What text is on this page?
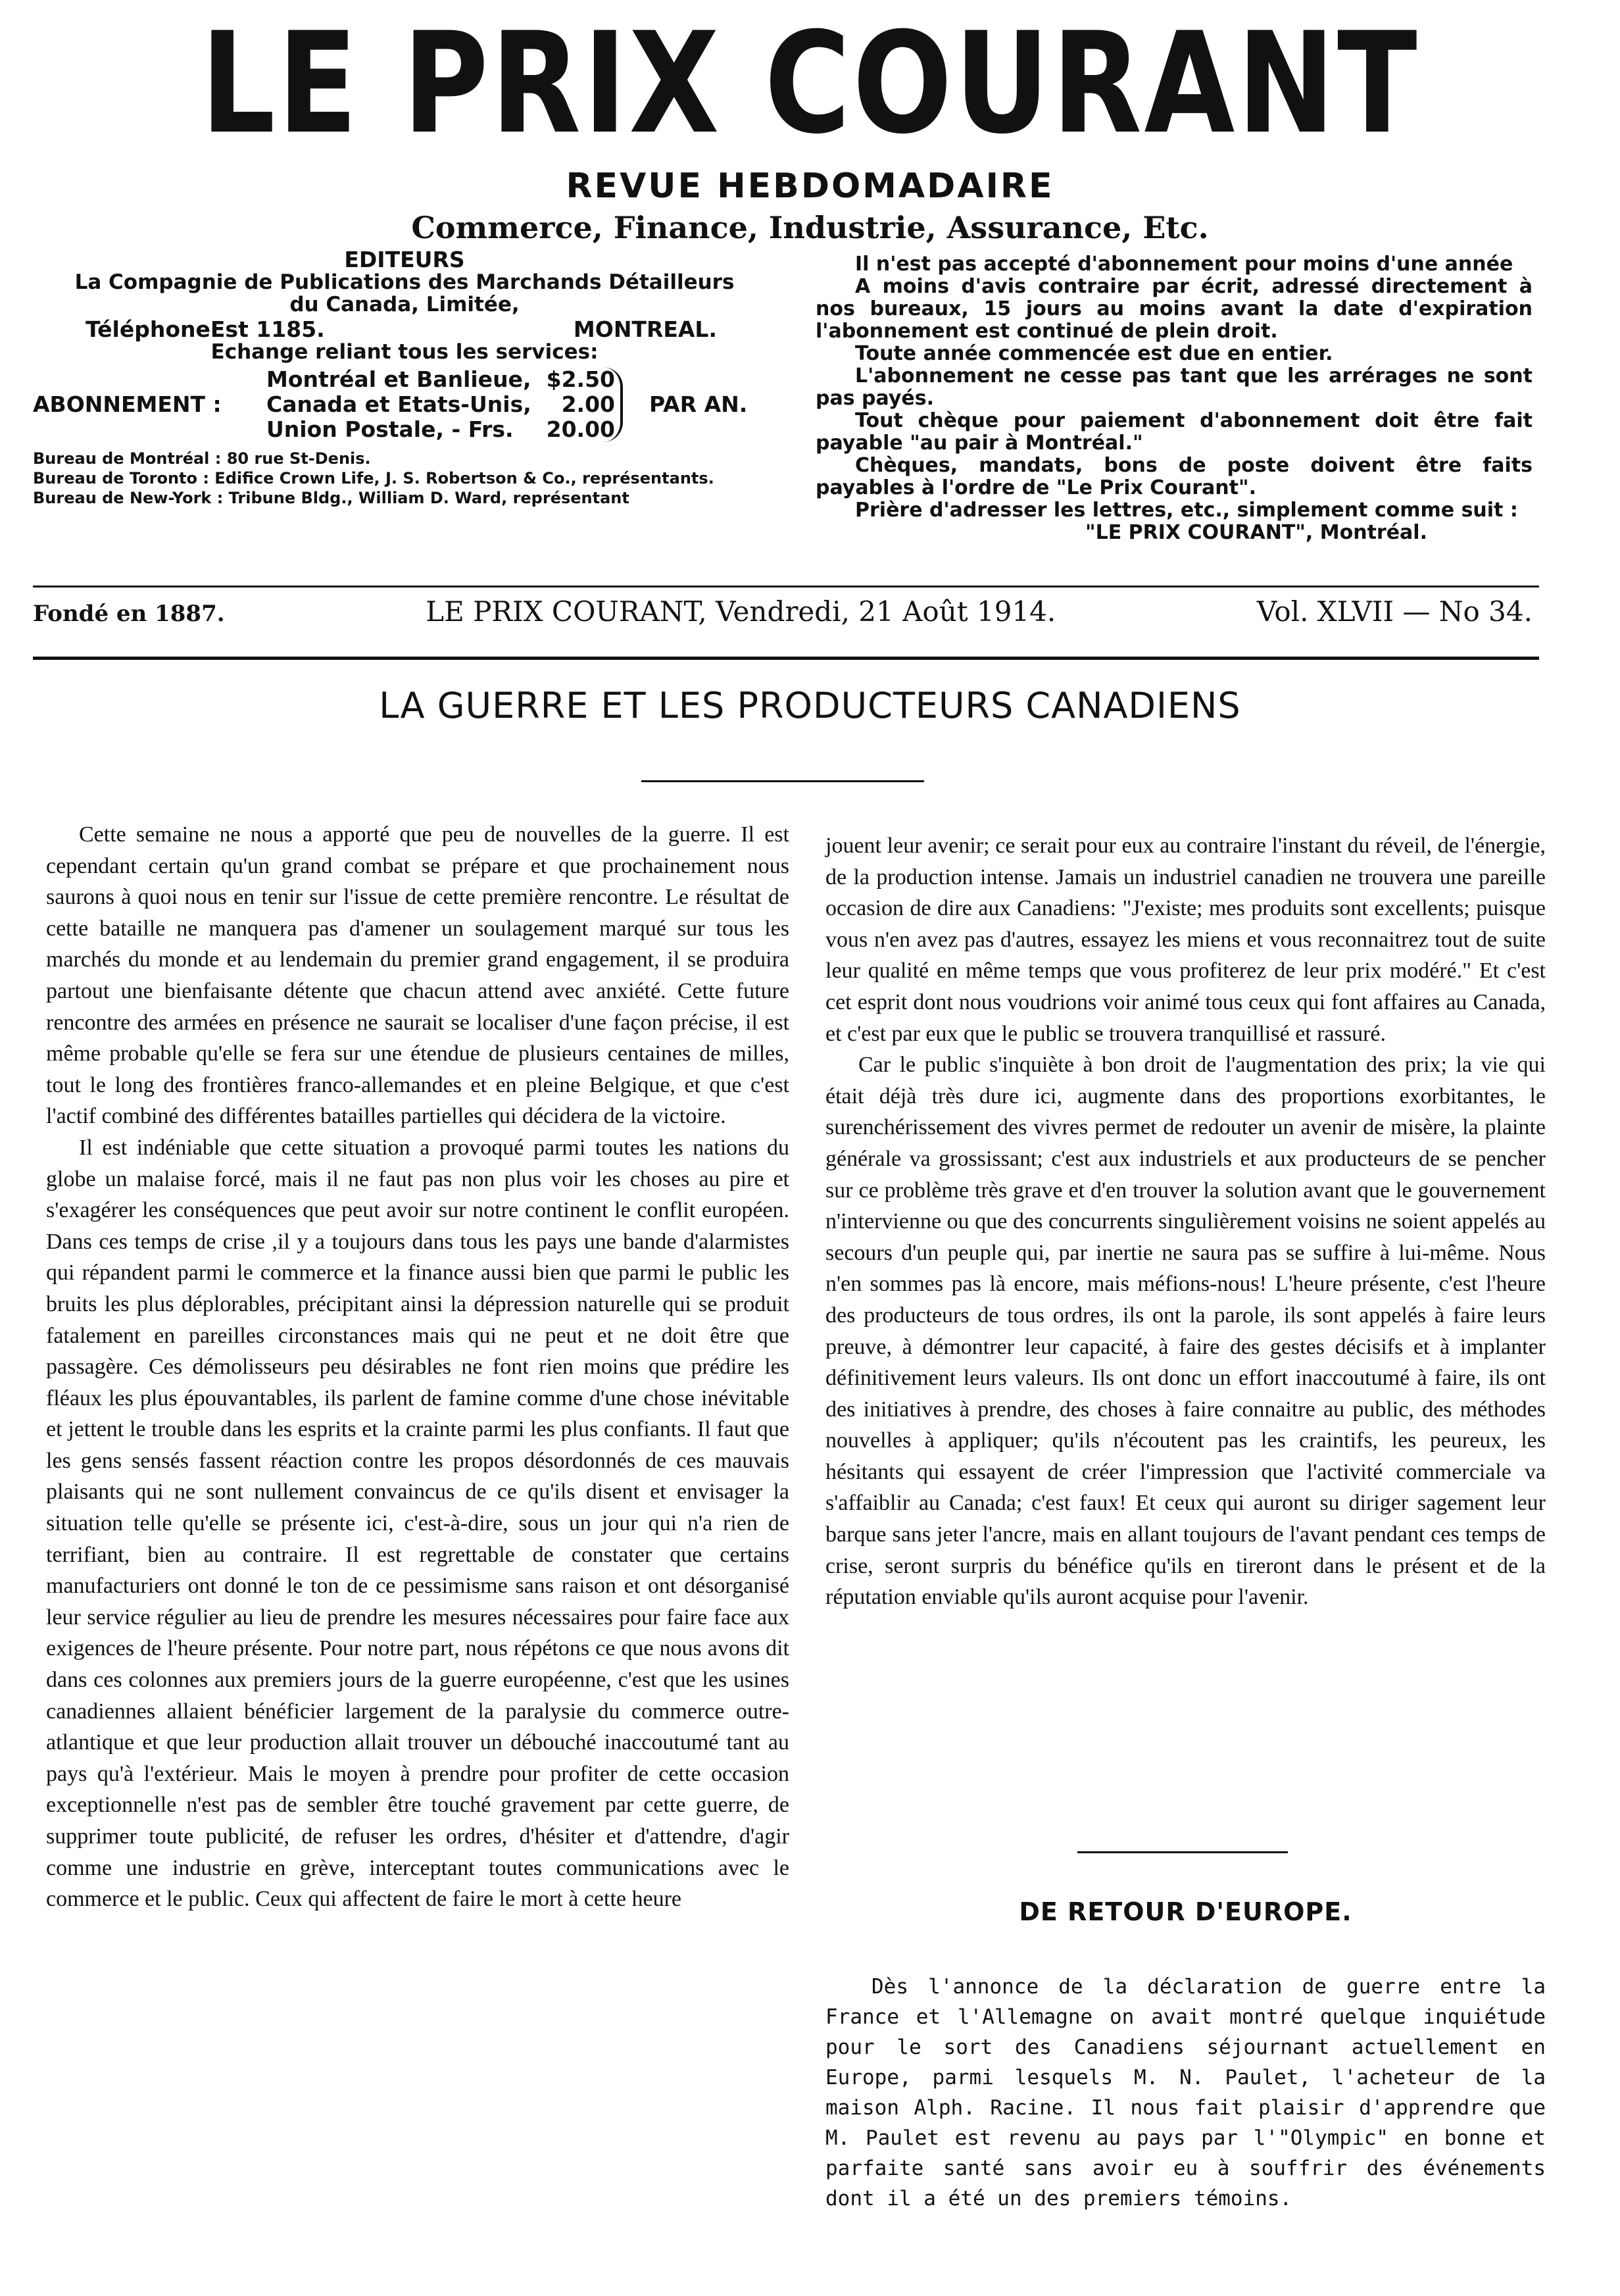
LE PRIX COURANT
REVUE HEBDOMADAIRE
Commerce, Finance, Industrie, Assurance, Etc.
EDITEURS
La Compagnie de Publications des Marchands Détailleurs du Canada, Limitée,
TéléphoneEst 1185.	MONTREAL.
Echange reliant tous les services:
ABONNEMENT :
Montréal et Banlieue, $2.50
Canada et Etats-Unis, 2.00
Union Postale, - Frs. 20.00
PAR AN.
Bureau de Montréal : 80 rue St-Denis.
Bureau de Toronto : Edifice Crown Life, J. S. Robertson & Co., représentants.
Bureau de New-York : Tribune Bldg., William D. Ward, représentant

Il n'est pas accepté d'abonnement pour moins d'une année

A moins d'avis contraire par écrit, adressé directement à nos bureaux, 15 jours au moins avant la date d'expiration l'abonnement est continué de plein droit.

Toute année commencée est due en entier.

L'abonnement ne cesse pas tant que les arrérages ne sont pas payés.

Tout chèque pour paiement d'abonnement doit être fait payable "au pair à Montréal."

Chèques, mandats, bons de poste doivent être faits payables à l'ordre de "Le Prix Courant".

Prière d'adresser les lettres, etc., simplement comme suit :

"LE PRIX COURANT", Montréal.

Fondé en 1887.	LE PRIX COURANT, Vendredi, 21 Août 1914.	Vol. XLVII — No 34.
LA GUERRE ET LES PRODUCTEURS CANADIENS

Cette semaine ne nous a apporté que peu de nouvelles de la guerre. Il est cependant certain qu'un grand combat se prépare et que prochainement nous saurons à quoi nous en tenir sur l'issue de cette première rencontre. Le résultat de cette bataille ne manquera pas d'amener un soulagement marqué sur tous les marchés du monde et au lendemain du premier grand engagement, il se produira partout une bienfaisante détente que chacun attend avec anxiété. Cette future rencontre des armées en présence ne saurait se localiser d'une façon précise, il est même probable qu'elle se fera sur une étendue de plusieurs centaines de milles, tout le long des frontières franco-allemandes et en pleine Belgique, et que c'est l'actif combiné des différentes batailles partielles qui décidera de la victoire.

Il est indéniable que cette situation a provoqué parmi toutes les nations du globe un malaise forcé, mais il ne faut pas non plus voir les choses au pire et s'exagérer les conséquences que peut avoir sur notre continent le conflit européen. Dans ces temps de crise ,il y a toujours dans tous les pays une bande d'alarmistes qui répandent parmi le commerce et la finance aussi bien que parmi le public les bruits les plus déplorables, précipitant ainsi la dépression naturelle qui se produit fatalement en pareilles circonstances mais qui ne peut et ne doit être que passagère. Ces démolisseurs peu désirables ne font rien moins que prédire les fléaux les plus épouvantables, ils parlent de famine comme d'une chose inévitable et jettent le trouble dans les esprits et la crainte parmi les plus confiants. Il faut que les gens sensés fassent réaction contre les propos désordonnés de ces mauvais plaisants qui ne sont nullement convaincus de ce qu'ils disent et envisager la situation telle qu'elle se présente ici, c'est-à-dire, sous un jour qui n'a rien de terrifiant, bien au contraire. Il est regrettable de constater que certains manufacturiers ont donné le ton de ce pessimisme sans raison et ont désorganisé leur service régulier au lieu de prendre les mesures nécessaires pour faire face aux exigences de l'heure présente. Pour notre part, nous répétons ce que nous avons dit dans ces colonnes aux premiers jours de la guerre européenne, c'est que les usines canadiennes allaient bénéficier largement de la paralysie du commerce outre-atlantique et que leur production allait trouver un débouché inaccoutumé tant au pays qu'à l'extérieur. Mais le moyen à prendre pour profiter de cette occasion exceptionnelle n'est pas de sembler être touché gravement par cette guerre, de supprimer toute publicité, de refuser les ordres, d'hésiter et d'attendre, d'agir comme une industrie en grève, interceptant toutes communications avec le commerce et le public. Ceux qui affectent de faire le mort à cette heure

jouent leur avenir; ce serait pour eux au contraire l'instant du réveil, de l'énergie, de la production intense. Jamais un industriel canadien ne trouvera une pareille occasion de dire aux Canadiens: "J'existe; mes produits sont excellents; puisque vous n'en avez pas d'autres, essayez les miens et vous reconnaitrez tout de suite leur qualité en même temps que vous profiterez de leur prix modéré." Et c'est cet esprit dont nous voudrions voir animé tous ceux qui font affaires au Canada, et c'est par eux que le public se trouvera tranquillisé et rassuré.

Car le public s'inquiète à bon droit de l'augmentation des prix; la vie qui était déjà très dure ici, augmente dans des proportions exorbitantes, le surenchérissement des vivres permet de redouter un avenir de misère, la plainte générale va grossissant; c'est aux industriels et aux producteurs de se pencher sur ce problème très grave et d'en trouver la solution avant que le gouvernement n'intervienne ou que des concurrents singulièrement voisins ne soient appelés au secours d'un peuple qui, par inertie ne saura pas se suffire à lui-même. Nous n'en sommes pas là encore, mais méfions-nous! L'heure présente, c'est l'heure des producteurs de tous ordres, ils ont la parole, ils sont appelés à faire leurs preuve, à démontrer leur capacité, à faire des gestes décisifs et à implanter définitivement leurs valeurs. Ils ont donc un effort inaccoutumé à faire, ils ont des initiatives à prendre, des choses à faire connaitre au public, des méthodes nouvelles à appliquer; qu'ils n'écoutent pas les craintifs, les peureux, les hésitants qui essayent de créer l'impression que l'activité commerciale va s'affaiblir au Canada; c'est faux! Et ceux qui auront su diriger sagement leur barque sans jeter l'ancre, mais en allant toujours de l'avant pendant ces temps de crise, seront surpris du bénéfice qu'ils en tireront dans le présent et de la réputation enviable qu'ils auront acquise pour l'avenir.

DE RETOUR D'EUROPE.

Dès l'annonce de la déclaration de guerre entre la France et l'Allemagne on avait montré quelque inquiétude pour le sort des Canadiens séjournant actuellement en Europe, parmi lesquels M. N. Paulet, l'acheteur de la maison Alph. Racine. Il nous fait plaisir d'apprendre que M. Paulet est revenu au pays par l'"Olympic" en bonne et parfaite santé sans avoir eu à souffrir des événements dont il a été un des premiers témoins.
